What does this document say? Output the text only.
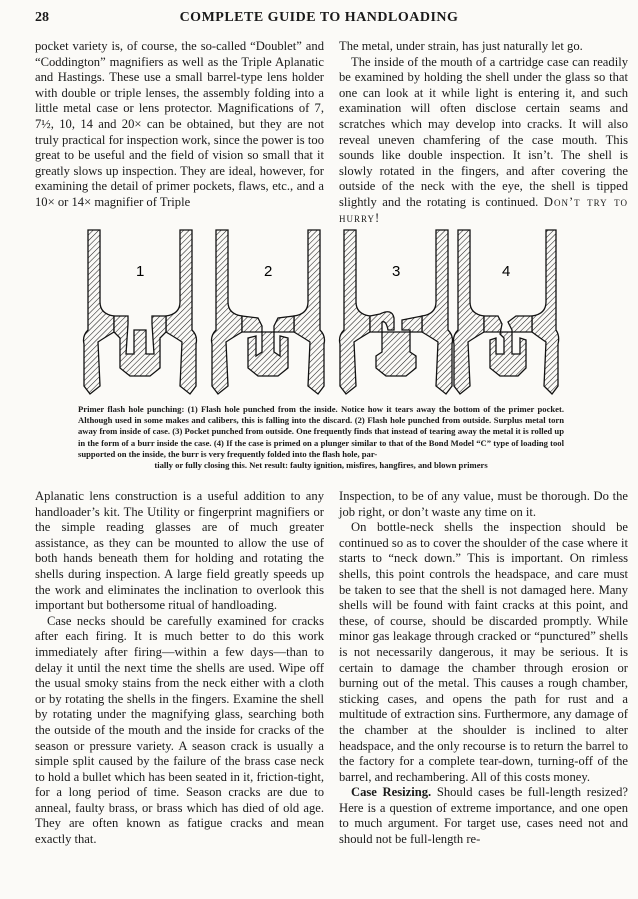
28	COMPLETE GUIDE TO HANDLOADING

pocket variety is, of course, the so-called “Doublet” and “Coddington” magnifiers as well as the Triple Aplanatic and Hastings. These use a small barrel-type lens holder with double or triple lenses, the assembly folding into a little metal case or lens protector. Magnifications of 7, 7½, 10, 14 and 20× can be obtained, but they are not truly practical for inspection work, since the power is too great to be useful and the field of vision so small that it greatly slows up inspection. They are ideal, however, for examining the detail of primer pockets, flaws, etc., and a 10× or 14× magnifier of Triple

The metal, under strain, has just naturally let go.

The inside of the mouth of a cartridge case can readily be examined by holding the shell under the glass so that one can look at it while light is entering it, and such examination will often disclose certain seams and scratches which may develop into cracks. It will also reveal uneven chamfering of the case mouth. This sounds like double inspection. It isn’t. The shell is slowly rotated in the fingers, and after covering the outside of the neck with the eye, the shell is tipped slightly and the rotating is continued. Don’t try to hurry!

1	2	3	4
Primer flash hole punching: (1) Flash hole punched from the inside. Notice how it tears away the bottom of the primer pocket. Although used in some makes and calibers, this is falling into the discard. (2) Flash hole punched from outside. Surplus metal torn away from inside of case. (3) Pocket punched from outside. One frequently finds that instead of tearing away the metal it is rolled up in the form of a burr inside the case. (4) If the case is primed on a plunger similar to that of the Bond Model “C” type of loading tool supported on the inside, the burr is very frequently folded into the flash hole, par-
tially or fully closing this. Net result: faulty ignition, misfires, hangfires, and blown primers

Aplanatic lens construction is a useful addition to any handloader’s kit. The Utility or fingerprint magnifiers or the simple reading glasses are of much greater assistance, as they can be mounted to allow the use of both hands beneath them for holding and rotating the shells during inspection. A large field greatly speeds up the work and eliminates the inclination to overlook this important but bothersome ritual of handloading.

Case necks should be carefully examined for cracks after each firing. It is much better to do this work immediately after firing—within a few days—than to delay it until the next time the shells are used. Wipe off the usual smoky stains from the neck either with a cloth or by rotating the shells in the fingers. Examine the shell by rotating under the magnifying glass, searching both the outside of the mouth and the inside for cracks of the season or pressure variety. A season crack is usually a simple split caused by the failure of the brass case neck to hold a bullet which has been seated in it, friction-tight, for a long period of time. Season cracks are due to anneal, faulty brass, or brass which has died of old age. They are often known as fatigue cracks and mean exactly that.

Inspection, to be of any value, must be thorough. Do the job right, or don’t waste any time on it.

On bottle-neck shells the inspection should be continued so as to cover the shoulder of the case where it starts to “neck down.” This is important. On rimless shells, this point controls the headspace, and care must be taken to see that the shell is not damaged here. Many shells will be found with faint cracks at this point, and these, of course, should be discarded promptly. While minor gas leakage through cracked or “punctured” shells is not necessarily dangerous, it may be serious. It is certain to damage the chamber through erosion or burning out of the metal. This causes a rough chamber, sticking cases, and opens the path for rust and a multitude of extraction sins. Furthermore, any damage of the chamber at the shoulder is inclined to alter headspace, and the only recourse is to return the barrel to the factory for a complete tear-down, turning-off of the barrel, and rechambering. All of this costs money.

Case Resizing. Should cases be full-length resized? Here is a question of extreme importance, and one open to much argument. For target use, cases need not and should not be full-length re-
